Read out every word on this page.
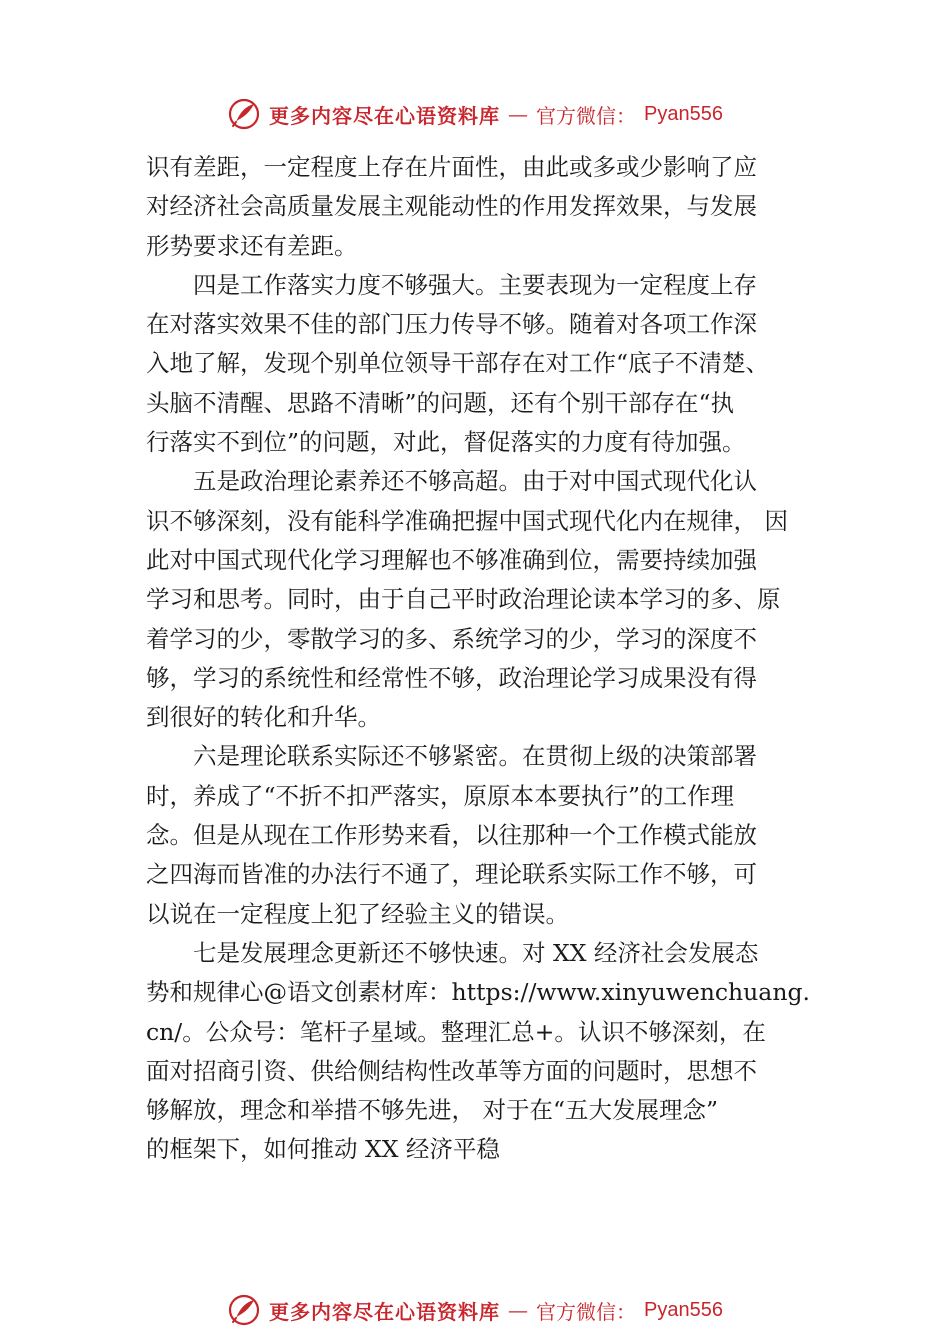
更多内容尽在心语资料库 — 官方微信： Pyan556
识有差距，一定程度上存在片面性，由此或多或少影响了应
对经济社会高质量发展主观能动性的作用发挥效果，与发展
形势要求还有差距。
四是工作落实力度不够强大。主要表现为一定程度上存
在对落实效果不佳的部门压力传导不够。随着对各项工作深
入地了解，发现个别单位领导干部存在对工作“底子不清楚、
头脑不清醒、思路不清晰”的问题，还有个别干部存在“执
行落实不到位”的问题，对此，督促落实的力度有待加强。
五是政治理论素养还不够高超。由于对中国式现代化认
识不够深刻，没有能科学准确把握中国式现代化内在规律， 因
此对中国式现代化学习理解也不够准确到位，需要持续加强
学习和思考。同时，由于自己平时政治理论读本学习的多、原
着学习的少，零散学习的多、系统学习的少，学习的深度不
够，学习的系统性和经常性不够，政治理论学习成果没有得
到很好的转化和升华。
六是理论联系实际还不够紧密。在贯彻上级的决策部署
时，养成了“不折不扣严落实，原原本本要执行”的工作理
念。但是从现在工作形势来看，以往那种一个工作模式能放
之四海而皆准的办法行不通了，理论联系实际工作不够，可
以说在一定程度上犯了经验主义的错误。
七是发展理念更新还不够快速。对 XX 经济社会发展态
势和规律心@语文创素材库：https://www.xinyuwenchuang.
cn/。公众号：笔杆子星域。整理汇总+。认识不够深刻，在
面对招商引资、供给侧结构性改革等方面的问题时，思想不
够解放，理念和举措不够先进， 对于在“五大发展理念”
的框架下，如何推动 XX 经济平稳
更多内容尽在心语资料库 — 官方微信： Pyan556
